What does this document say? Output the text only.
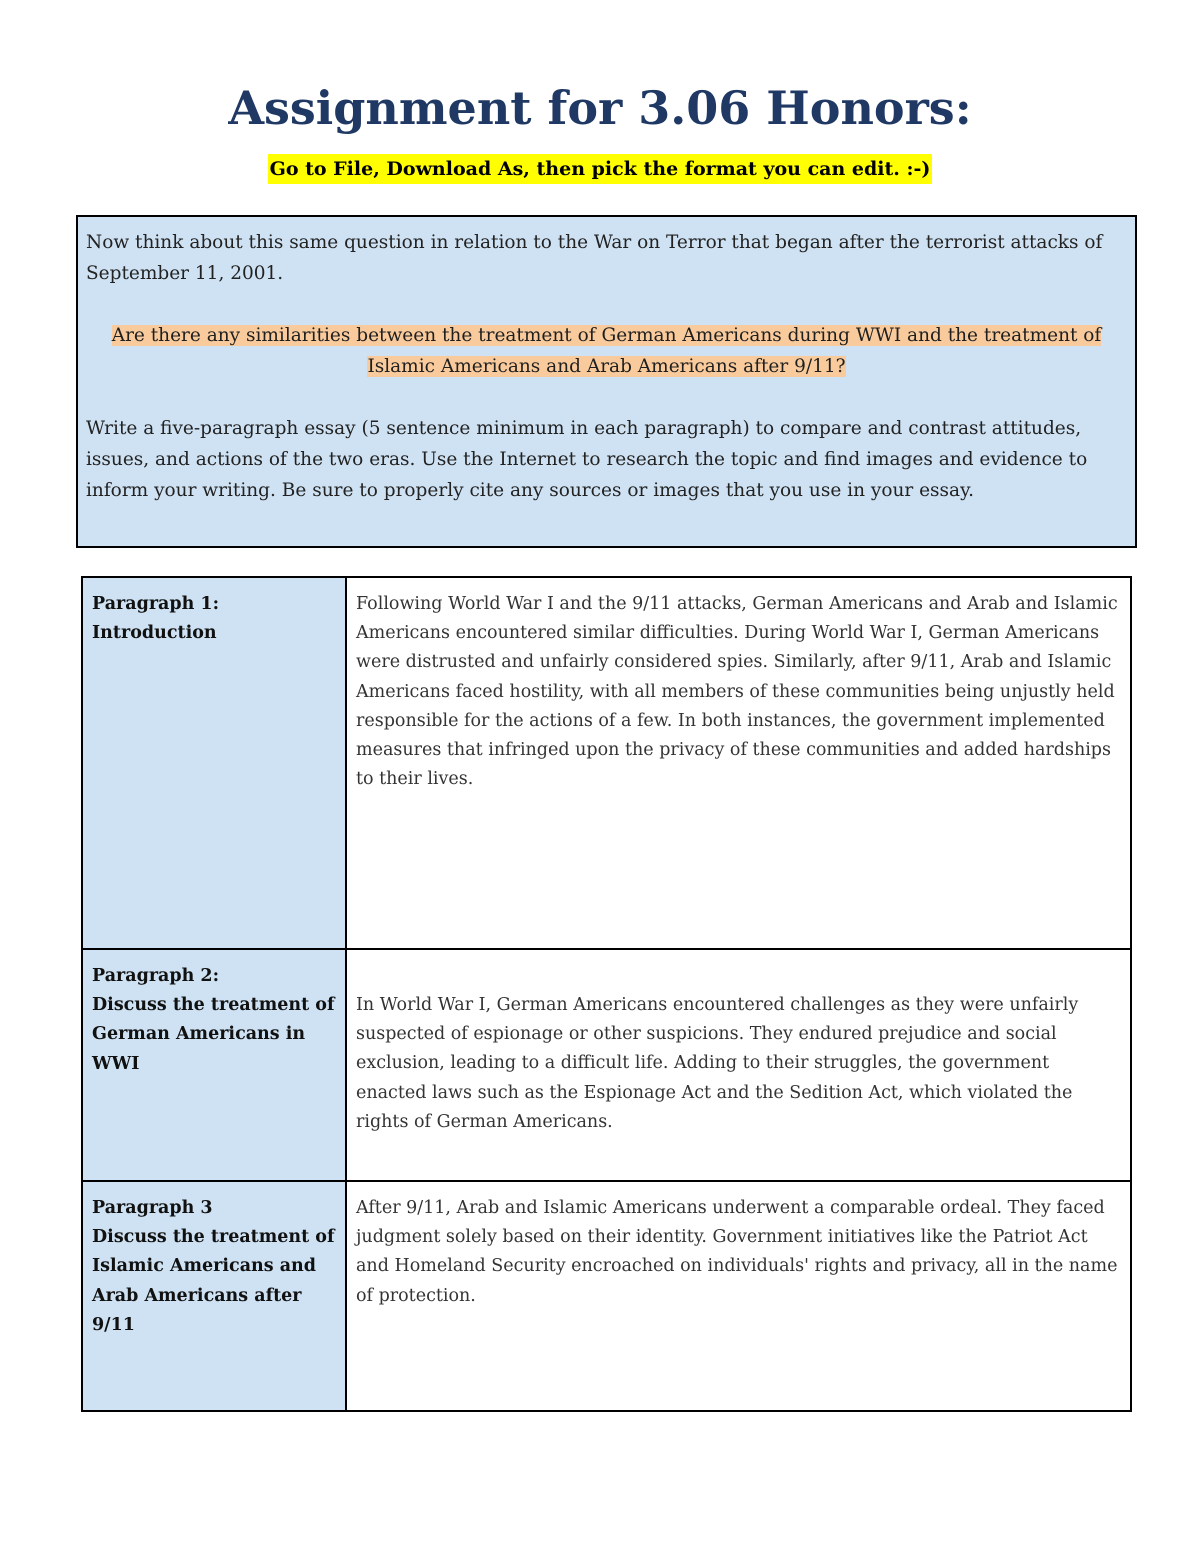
Assignment for 3.06 Honors:
Go to File, Download As, then pick the format you can edit. :-)

Now think about this same question in relation to the War on Terror that began after the terrorist attacks of September 11, 2001.

Are there any similarities between the treatment of German Americans during WWI and the treatment of Islamic Americans and Arab Americans after 9/11?

Write a five-paragraph essay (5 sentence minimum in each paragraph) to compare and contrast attitudes, issues, and actions of the two eras. Use the Internet to research the topic and find images and evidence to inform your writing. Be sure to properly cite any sources or images that you use in your essay.

Paragraph 1:
Introduction	Following World War I and the 9/11 attacks, German Americans and Arab and Islamic Americans encountered similar difficulties. During World War I, German Americans were distrusted and unfairly considered spies. Similarly, after 9/11, Arab and Islamic Americans faced hostility, with all members of these communities being unjustly held responsible for the actions of a few. In both instances, the government implemented measures that infringed upon the privacy of these communities and added hardships to their lives.

Paragraph 2:
Discuss the treatment of German Americans in WWI	In World War I, German Americans encountered challenges as they were unfairly suspected of espionage or other suspicions. They endured prejudice and social exclusion, leading to a difficult life. Adding to their struggles, the government enacted laws such as the Espionage Act and the Sedition Act, which violated the rights of German Americans.

Paragraph 3
Discuss the treatment of Islamic Americans and Arab Americans after 9/11	After 9/11, Arab and Islamic Americans underwent a comparable ordeal. They faced judgment solely based on their identity. Government initiatives like the Patriot Act and Homeland Security encroached on individuals' rights and privacy, all in the name of protection.
